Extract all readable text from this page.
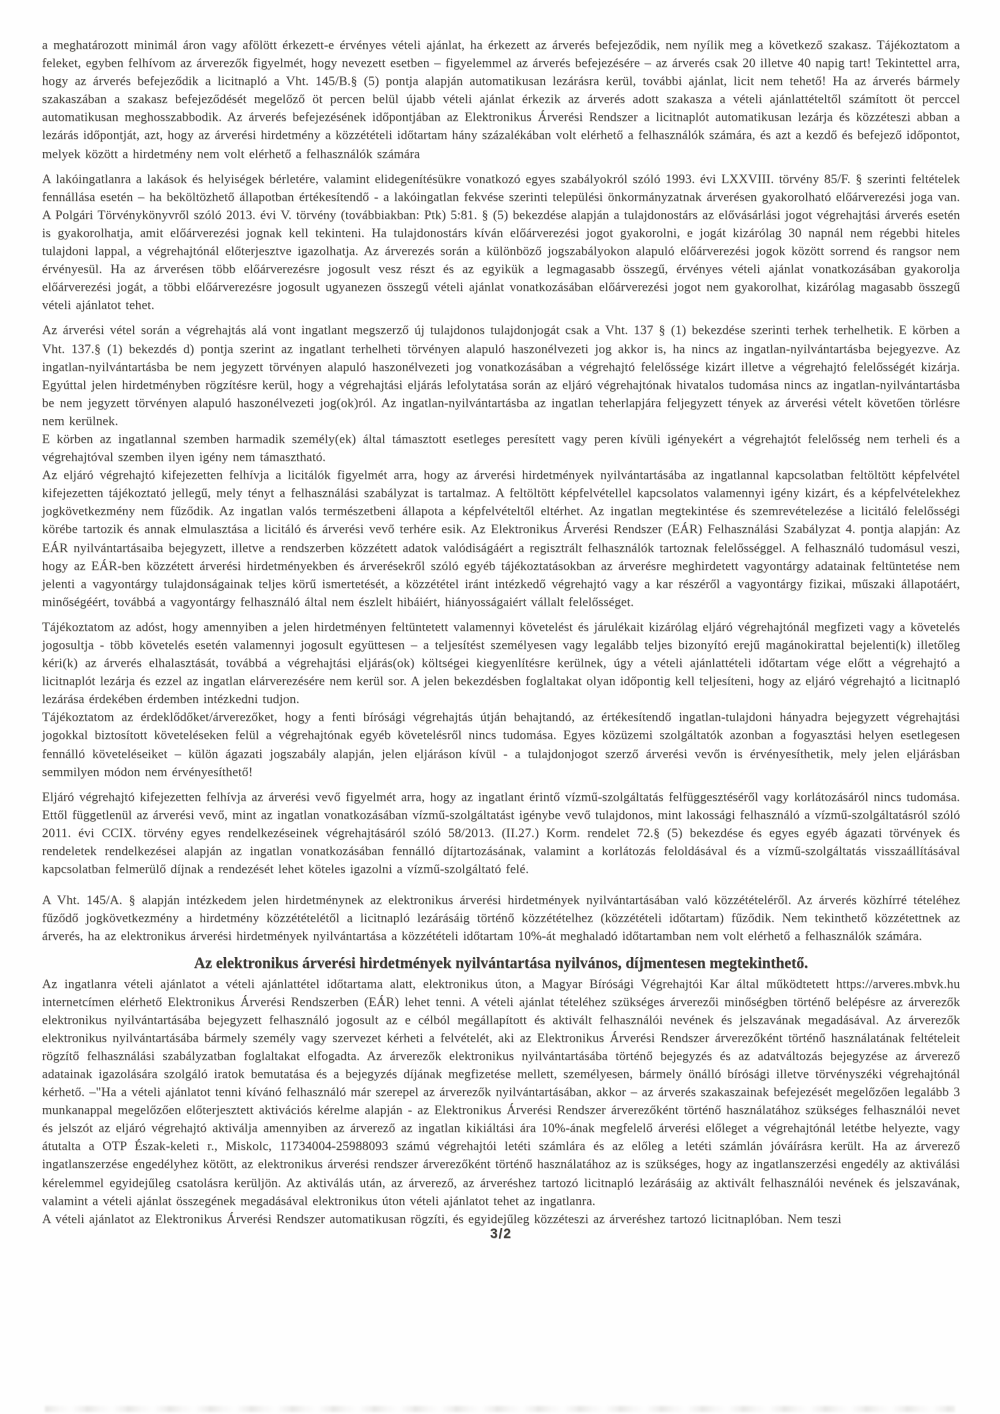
a meghatározott minimál áron vagy afölött érkezett-e érvényes vételi ajánlat, ha érkezett az árverés befejeződik, nem nyílik meg a következő szakasz. Tájékoztatom a feleket, egyben felhívom az árverezők figyelmét, hogy nevezett esetben – figyelemmel az árverés befejezésére – az árverés csak 20 illetve 40 napig tart! Tekintettel arra, hogy az árverés befejeződik a licitnapló a Vht. 145/B.§ (5) pontja alapján automatikusan lezárásra kerül, további ajánlat, licit nem tehető! Ha az árverés bármely szakaszában a szakasz befejeződését megelőző öt percen belül újabb vételi ajánlat érkezik az árverés adott szakasza a vételi ajánlattételtől számított öt perccel automatikusan meghosszabbodik. Az árverés befejezésének időpontjában az Elektronikus Árverési Rendszer a licitnaplót automatikusan lezárja és közzéteszi abban a lezárás időpontját, azt, hogy az árverési hirdetmény a közzétételi időtartam hány százalékában volt elérhető a felhasználók számára, és azt a kezdő és befejező időpontot, melyek között a hirdetmény nem volt elérhető a felhasználók számára

A lakóingatlanra a lakások és helyiségek bérletére, valamint elidegenítésükre vonatkozó egyes szabályokról szóló 1993. évi LXXVIII. törvény 85/F. § szerinti feltételek fennállása esetén – ha beköltözhető állapotban értékesítendő - a lakóingatlan fekvése szerinti települési önkormányzatnak árverésen gyakorolható előárverezési joga van. A Polgári Törvénykönyvről szóló 2013. évi V. törvény (továbbiakban: Ptk) 5:81. § (5) bekezdése alapján a tulajdonostárs az elővásárlási jogot végrehajtási árverés esetén is gyakorolhatja, amit előárverezési jognak kell tekinteni. Ha tulajdonostárs kíván előárverezési jogot gyakorolni, e jogát kizárólag 30 napnál nem régebbi hiteles tulajdoni lappal, a végrehajtónál előterjesztve igazolhatja. Az árverezés során a különböző jogszabályokon alapuló előárverezési jogok között sorrend és rangsor nem érvényesül. Ha az árverésen több előárverezésre jogosult vesz részt és az egyikük a legmagasabb összegű, érvényes vételi ajánlat vonatkozásában gyakorolja előárverezési jogát, a többi előárverezésre jogosult ugyanezen összegű vételi ajánlat vonatkozásában előárverezési jogot nem gyakorolhat, kizárólag magasabb összegű vételi ajánlatot tehet.

Az árverési vétel során a végrehajtás alá vont ingatlant megszerző új tulajdonos tulajdonjogát csak a Vht. 137 § (1) bekezdése szerinti terhek terhelhetik. E körben a Vht. 137.§ (1) bekezdés d) pontja szerint az ingatlant terhelheti törvényen alapuló haszonélvezeti jog akkor is, ha nincs az ingatlan-nyilvántartásba bejegyezve. Az ingatlan-nyilvántartásba be nem jegyzett törvényen alapuló haszonélvezeti jog vonatkozásában a végrehajtó felelőssége kizárt illetve a végrehajtó felelősségét kizárja. Egyúttal jelen hirdetményben rögzítésre kerül, hogy a végrehajtási eljárás lefolytatása során az eljáró végrehajtónak hivatalos tudomása nincs az ingatlan-nyilvántartásba be nem jegyzett törvényen alapuló haszonélvezeti jog(ok)ról. Az ingatlan-nyilvántartásba az ingatlan teherlapjára feljegyzett tények az árverési vételt követően törlésre nem kerülnek.

E körben az ingatlannal szemben harmadik személy(ek) által támasztott esetleges peresített vagy peren kívüli igényekért a végrehajtót felelősség nem terheli és a végrehajtóval szemben ilyen igény nem támasztható.

Az eljáró végrehajtó kifejezetten felhívja a licitálók figyelmét arra, hogy az árverési hirdetmények nyilvántartásába az ingatlannal kapcsolatban feltöltött képfelvétel kifejezetten tájékoztató jellegű, mely tényt a felhasználási szabályzat is tartalmaz. A feltöltött képfelvétellel kapcsolatos valamennyi igény kizárt, és a képfelvételekhez jogkövetkezmény nem fűződik. Az ingatlan valós természetbeni állapota a képfelvételtől eltérhet. Az ingatlan megtekintése és szemrevételezése a licitáló felelősségi körébe tartozik és annak elmulasztása a licitáló és árverési vevő terhére esik. Az Elektronikus Árverési Rendszer (EÁR) Felhasználási Szabályzat 4. pontja alapján: Az EÁR nyilvántartásaiba bejegyzett, illetve a rendszerben közzétett adatok valódiságáért a regisztrált felhasználók tartoznak felelősséggel. A felhasználó tudomásul veszi, hogy az EÁR-ben közzétett árverési hirdetményekben és árverésekről szóló egyéb tájékoztatásokban az árverésre meghirdetett vagyontárgy adatainak feltüntetése nem jelenti a vagyontárgy tulajdonságainak teljes körű ismertetését, a közzététel iránt intézkedő végrehajtó vagy a kar részéről a vagyontárgy fizikai, műszaki állapotáért, minőségéért, továbbá a vagyontárgy felhasználó által nem észlelt hibáiért, hiányosságaiért vállalt felelősséget.

Tájékoztatom az adóst, hogy amennyiben a jelen hirdetményen feltüntetett valamennyi követelést és járulékait kizárólag eljáró végrehajtónál megfizeti vagy a követelés jogosultja - több követelés esetén valamennyi jogosult együttesen – a teljesítést személyesen vagy legalább teljes bizonyító erejű magánokirattal bejelenti(k) illetőleg kéri(k) az árverés elhalasztását, továbbá a végrehajtási eljárás(ok) költségei kiegyenlítésre kerülnek, úgy a vételi ajánlattételi időtartam vége előtt a végrehajtó a licitnaplót lezárja és ezzel az ingatlan elárverezésére nem kerül sor. A jelen bekezdésben foglaltakat olyan időpontig kell teljesíteni, hogy az eljáró végrehajtó a licitnapló lezárása érdekében érdemben intézkedni tudjon.

Tájékoztatom az érdeklődőket/árverezőket, hogy a fenti bírósági végrehajtás útján behajtandó, az értékesítendő ingatlan-tulajdoni hányadra bejegyzett végrehajtási jogokkal biztosított követeléseken felül a végrehajtónak egyéb követelésről nincs tudomása. Egyes közüzemi szolgáltatók azonban a fogyasztási helyen esetlegesen fennálló követeléseiket – külön ágazati jogszabály alapján, jelen eljáráson kívül - a tulajdonjogot szerző árverési vevőn is érvényesíthetik, mely jelen eljárásban semmilyen módon nem érvényesíthető!

Eljáró végrehajtó kifejezetten felhívja az árverési vevő figyelmét arra, hogy az ingatlant érintő vízmű-szolgáltatás felfüggesztéséről vagy korlátozásáról nincs tudomása. Ettől függetlenül az árverési vevő, mint az ingatlan vonatkozásában vízmű-szolgáltatást igénybe vevő tulajdonos, mint lakossági felhasználó a vízmű-szolgáltatásról szóló 2011. évi CCIX. törvény egyes rendelkezéseinek végrehajtásáról szóló 58/2013. (II.27.) Korm. rendelet 72.§ (5) bekezdése és egyes egyéb ágazati törvények és rendeletek rendelkezései alapján az ingatlan vonatkozásában fennálló díjtartozásának, valamint a korlátozás feloldásával és a vízmű-szolgáltatás visszaállításával kapcsolatban felmerülő díjnak a rendezését lehet köteles igazolni a vízmű-szolgáltató felé.

A Vht. 145/A. § alapján intézkedem jelen hirdetménynek az elektronikus árverési hirdetmények nyilvántartásában való közzétételéről. Az árverés közhírré tételéhez fűződő jogkövetkezmény a hirdetmény közzétételétől a licitnapló lezárásáig történő közzétételhez (közzétételi időtartam) fűződik. Nem tekinthető közzétettnek az árverés, ha az elektronikus árverési hirdetmények nyilvántartása a közzétételi időtartam 10%-át meghaladó időtartamban nem volt elérhető a felhasználók számára.

Az elektronikus árverési hirdetmények nyilvántartása nyilvános, díjmentesen megtekinthető.

Az ingatlanra vételi ajánlatot a vételi ajánlattétel időtartama alatt, elektronikus úton, a Magyar Bírósági Végrehajtói Kar által működtetett https://arveres.mbvk.hu internetcímen elérhető Elektronikus Árverési Rendszerben (EÁR) lehet tenni. A vételi ajánlat tételéhez szükséges árverezői minőségben történő belépésre az árverezők elektronikus nyilvántartásába bejegyzett felhasználó jogosult az e célból megállapított és aktivált felhasználói nevének és jelszavának megadásával. Az árverezők elektronikus nyilvántartásába bármely személy vagy szervezet kérheti a felvételét, aki az Elektronikus Árverési Rendszer árverezőként történő használatának feltételeit rögzítő felhasználási szabályzatban foglaltakat elfogadta. Az árverezők elektronikus nyilvántartásába történő bejegyzés és az adatváltozás bejegyzése az árverező adatainak igazolására szolgáló iratok bemutatása és a bejegyzés díjának megfizetése mellett, személyesen, bármely önálló bírósági illetve törvényszéki végrehajtónál kérhető. –"Ha a vételi ajánlatot tenni kívánó felhasználó már szerepel az árverezők nyilvántartásában, akkor – az árverés szakaszainak befejezését megelőzően legalább 3 munkanappal megelőzően előterjesztett aktivációs kérelme alapján - az Elektronikus Árverési Rendszer árverezőként történő használatához szükséges felhasználói nevet és jelszót az eljáró végrehajtó aktiválja amennyiben az árverező az ingatlan kikiáltási ára 10%-ának megfelelő árverési előleget a végrehajtónál letétbe helyezte, vagy átutalta a OTP Észak-keleti r., Miskolc, 11734004-25988093 számú végrehajtói letéti számlára és az előleg a letéti számlán jóváírásra került. Ha az árverező ingatlanszerzése engedélyhez kötött, az elektronikus árverési rendszer árverezőként történő használatához az is szükséges, hogy az ingatlanszerzési engedély az aktiválási kérelemmel egyidejűleg csatolásra kerüljön. Az aktiválás után, az árverező, az árveréshez tartozó licitnapló lezárásáig az aktivált felhasználói nevének és jelszavának, valamint a vételi ajánlat összegének megadásával elektronikus úton vételi ajánlatot tehet az ingatlanra.

A vételi ajánlatot az Elektronikus Árverési Rendszer automatikusan rögzíti, és egyidejűleg közzéteszi az árveréshez tartozó licitnaplóban. Nem teszi

3/2
